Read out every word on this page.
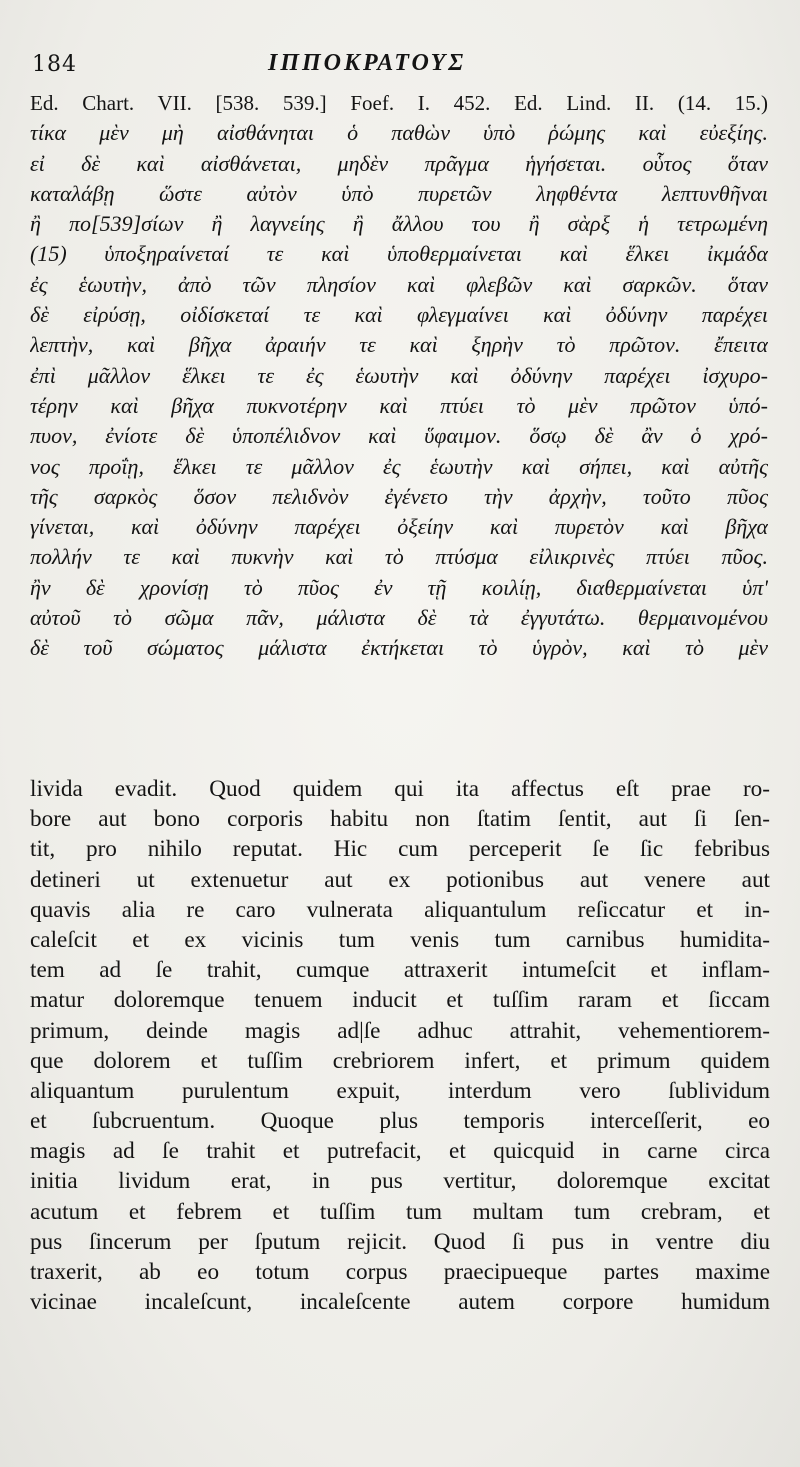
184	ΙΠΠΟΚΡΑΤΟΥΣ
Ed. Chart. VII. [538. 539.] Foef. I. 452. Ed. Lind. II. (14. 15.)
τίκα μὲν μὴ αἰσθάνηται ὁ παθὼν ὑπὸ ῥώμης καὶ εὐεξίης.
εἰ δὲ καὶ αἰσθάνεται, μηδὲν πρᾶγμα ἡγήσεται. οὗτος ὅταν
καταλάβῃ ὥστε αὐτὸν ὑπὸ πυρετῶν ληφθέντα λεπτυνθῆναι
ἢ πο[539]σίων ἢ λαγνείης ἢ ἄλλου του ἢ σὰρξ ἡ τετρωμένη
(15) ὑποξηραίνεταί τε καὶ ὑποθερμαίνεται καὶ ἕλκει ἰκμάδα
ἐς ἑωυτὴν, ἀπὸ τῶν πλησίον καὶ φλεβῶν καὶ σαρκῶν. ὅταν
δὲ εἰρύσῃ, οἰδίσκεταί τε καὶ φλεγμαίνει καὶ ὀδύνην παρέχει
λεπτὴν, καὶ βῆχα ἀραιήν τε καὶ ξηρὴν τὸ πρῶτον. ἔπειτα
ἐπὶ μᾶλλον ἕλκει τε ἐς ἑωυτὴν καὶ ὀδύνην παρέχει ἰσχυρο-
τέρην καὶ βῆχα πυκνοτέρην καὶ πτύει τὸ μὲν πρῶτον ὑπό-
πυον, ἐνίοτε δὲ ὑποπέλιδνον καὶ ὕφαιμον. ὅσῳ δὲ ἂν ὁ χρό-
νος προΐῃ, ἕλκει τε μᾶλλον ἐς ἑωυτὴν καὶ σήπει, καὶ αὐτῆς
τῆς σαρκὸς ὅσον πελιδνὸν ἐγένετο τὴν ἀρχὴν, τοῦτο πῦος
γίνεται, καὶ ὀδύνην παρέχει ὀξείην καὶ πυρετὸν καὶ βῆχα
πολλήν τε καὶ πυκνὴν καὶ τὸ πτύσμα εἰλικρινὲς πτύει πῦος.
ἢν δὲ χρονίσῃ τὸ πῦος ἐν τῇ κοιλίῃ, διαθερμαίνεται ὑπ'
αὐτοῦ τὸ σῶμα πᾶν, μάλιστα δὲ τὰ ἐγγυτάτω. θερμαινομένου
δὲ τοῦ σώματος μάλιστα ἐκτήκεται τὸ ὑγρὸν, καὶ τὸ μὲν
livida evadit. Quod quidem qui ita affectus eſt prae ro-
bore aut bono corporis habitu non ſtatim ſentit, aut ſi ſen-
tit, pro nihilo reputat. Hic cum perceperit ſe ſic febribus
detineri ut extenuetur aut ex potionibus aut venere aut
quavis alia re caro vulnerata aliquantulum reſiccatur et in-
caleſcit et ex vicinis tum venis tum carnibus humidita-
tem ad ſe trahit, cumque attraxerit intumeſcit et inflam-
matur doloremque tenuem inducit et tuſſim raram et ſiccam
primum, deinde magis ad|ſe adhuc attrahit, vehementiorem-
que dolorem et tuſſim crebriorem infert, et primum quidem
aliquantum purulentum expuit, interdum vero ſublividum
et ſubcruentum. Quoque plus temporis interceſſerit, eo
magis ad ſe trahit et putrefacit, et quicquid in carne circa
initia lividum erat, in pus vertitur, doloremque excitat
acutum et febrem et tuſſim tum multam tum crebram, et
pus ſincerum per ſputum rejicit. Quod ſi pus in ventre diu
traxerit, ab eo totum corpus praecipueque partes maxime
vicinae incaleſcunt, incaleſcente autem corpore humidum
